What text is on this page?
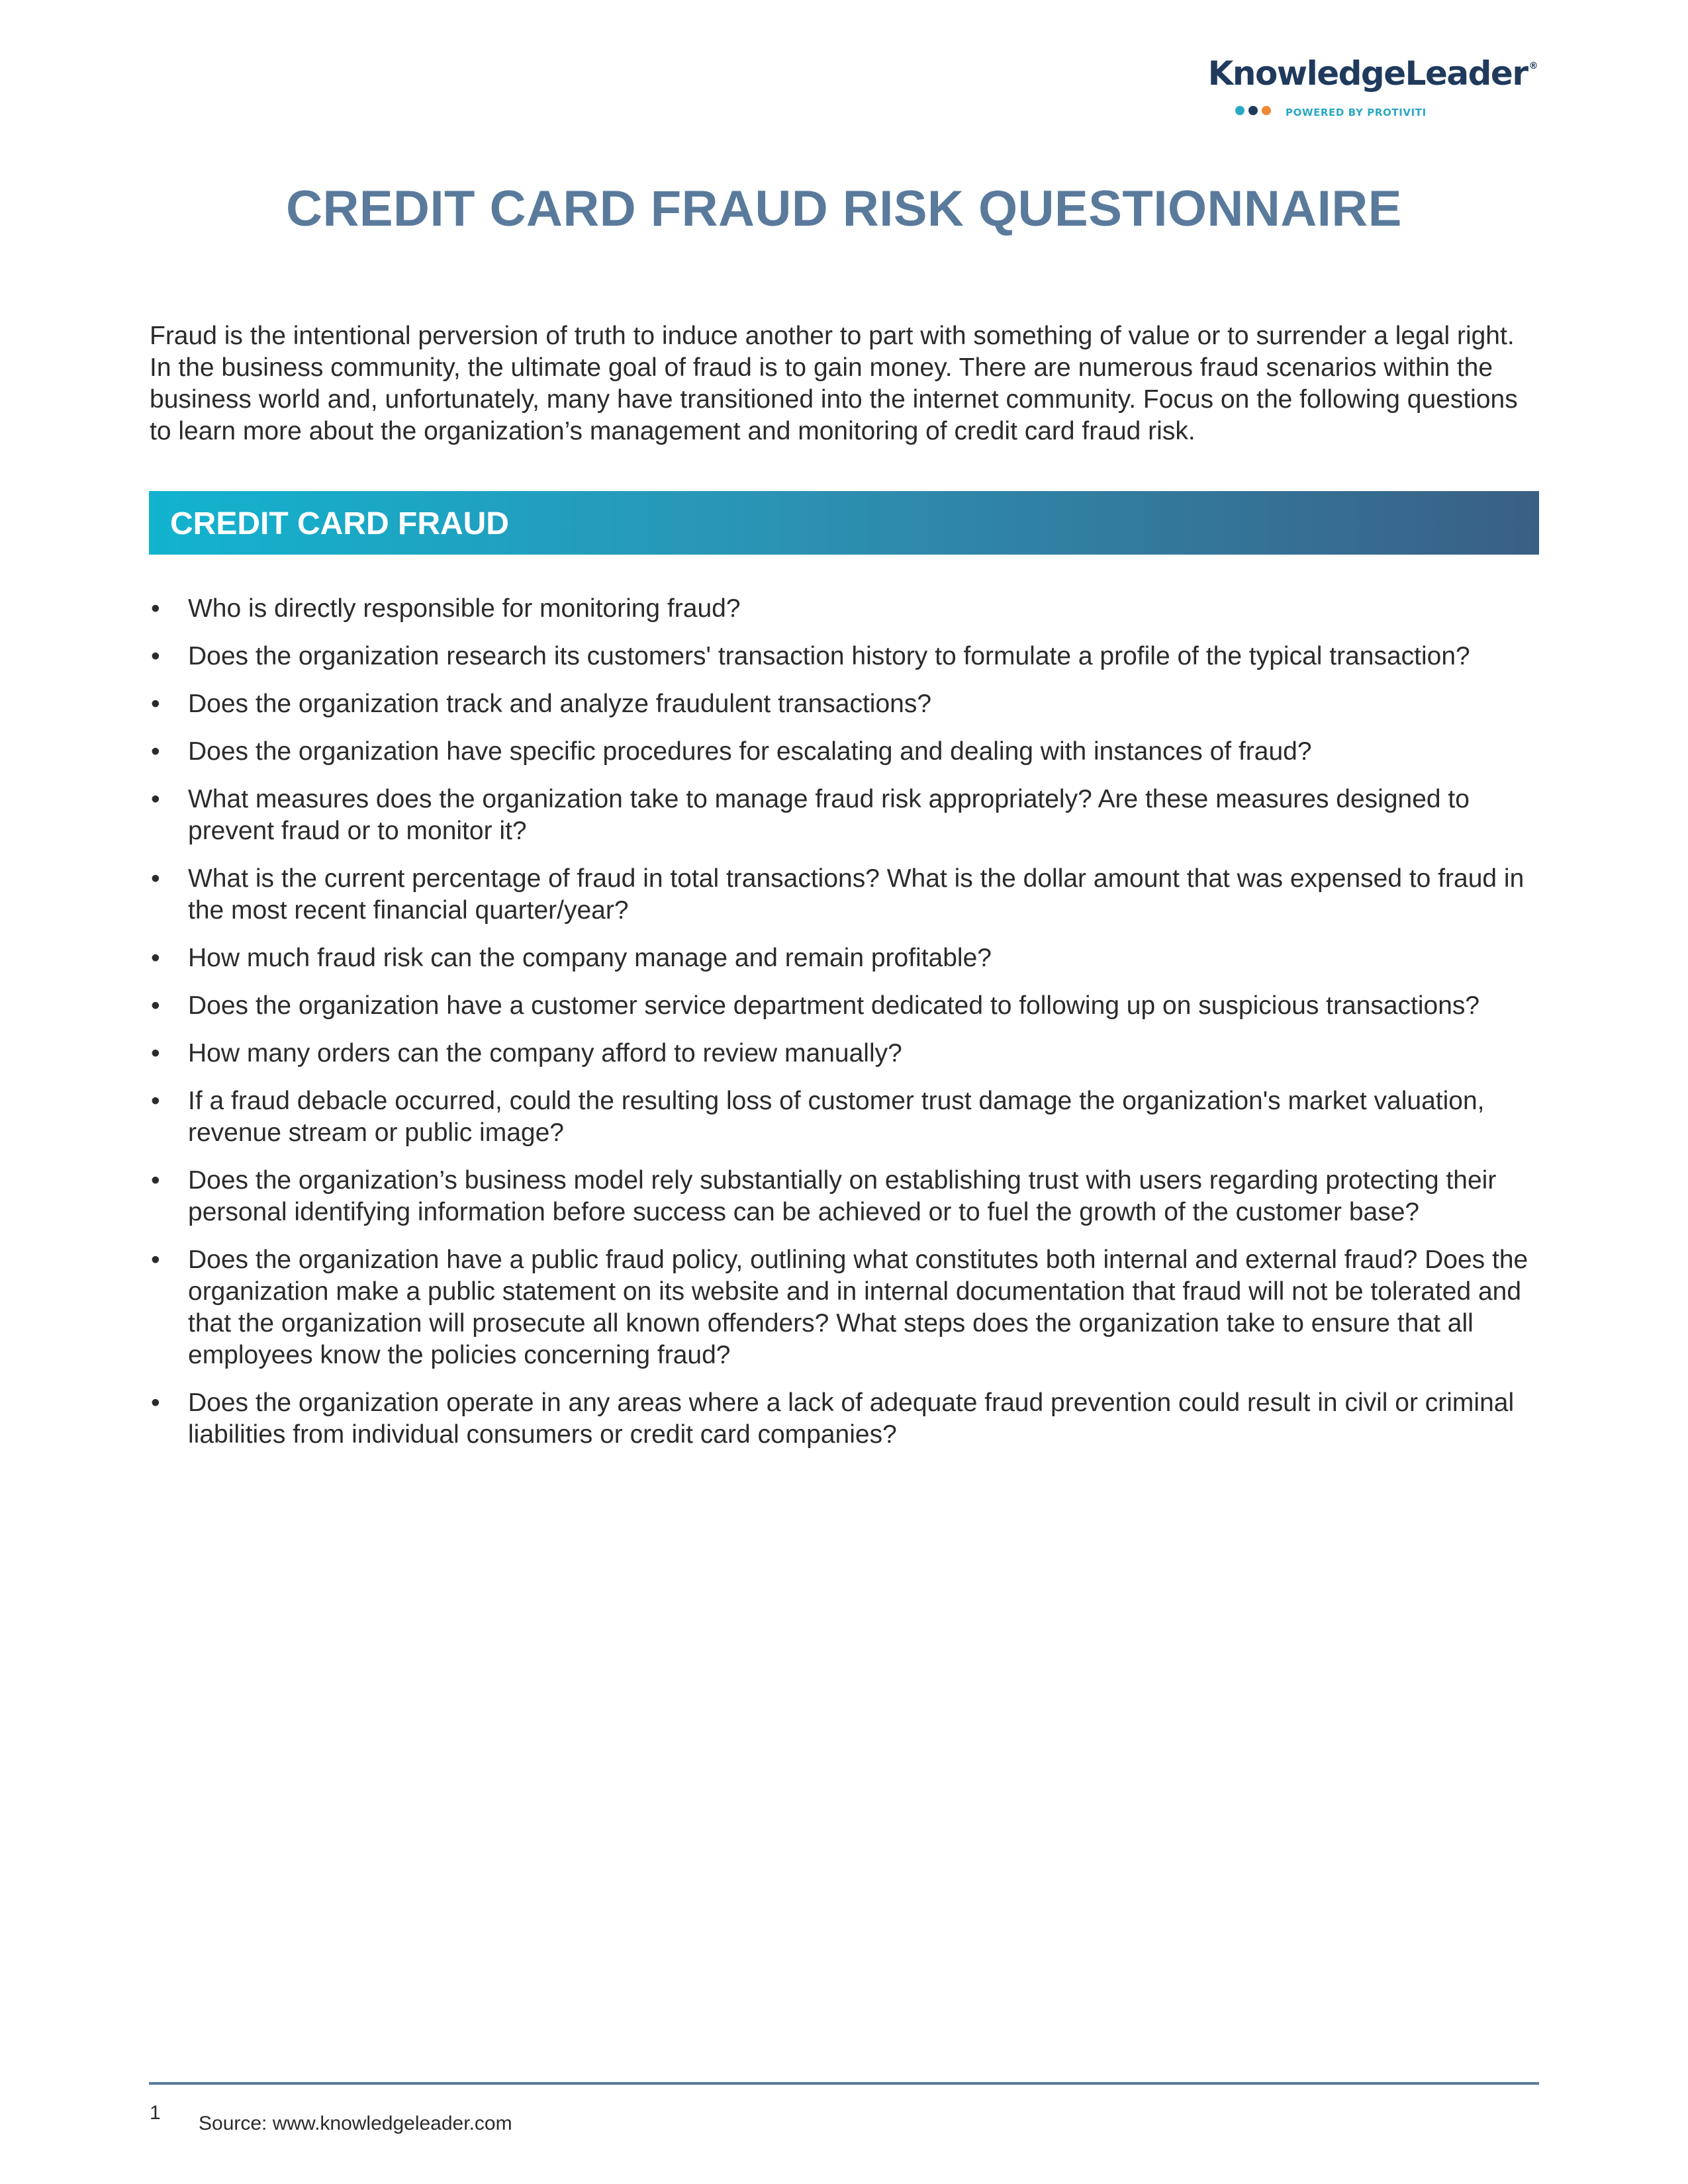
KnowledgeLeader ®
POWERED BY PROTIVITI
CREDIT CARD FRAUD RISK QUESTIONNAIRE

Fraud is the intentional perversion of truth to induce another to part with something of value or to surrender a legal right. In the business community, the ultimate goal of fraud is to gain money. There are numerous fraud scenarios within the business world and, unfortunately, many have transitioned into the internet community. Focus on the following questions to learn more about the organization’s management and monitoring of credit card fraud risk.

CREDIT CARD FRAUD
• Who is directly responsible for monitoring fraud?
• Does the organization research its customers' transaction history to formulate a profile of the typical transaction?
• Does the organization track and analyze fraudulent transactions?
• Does the organization have specific procedures for escalating and dealing with instances of fraud?
• What measures does the organization take to manage fraud risk appropriately? Are these measures designed to prevent fraud or to monitor it?
• What is the current percentage of fraud in total transactions? What is the dollar amount that was expensed to fraud in the most recent financial quarter/year?
• How much fraud risk can the company manage and remain profitable?
• Does the organization have a customer service department dedicated to following up on suspicious transactions?
• How many orders can the company afford to review manually?
• If a fraud debacle occurred, could the resulting loss of customer trust damage the organization's market valuation, revenue stream or public image?
• Does the organization’s business model rely substantially on establishing trust with users regarding protecting their personal identifying information before success can be achieved or to fuel the growth of the customer base?
• Does the organization have a public fraud policy, outlining what constitutes both internal and external fraud? Does the organization make a public statement on its website and in internal documentation that fraud will not be tolerated and that the organization will prosecute all known offenders? What steps does the organization take to ensure that all employees know the policies concerning fraud?
• Does the organization operate in any areas where a lack of adequate fraud prevention could result in civil or criminal liabilities from individual consumers or credit card companies?
1 Source: www.knowledgeleader.com
